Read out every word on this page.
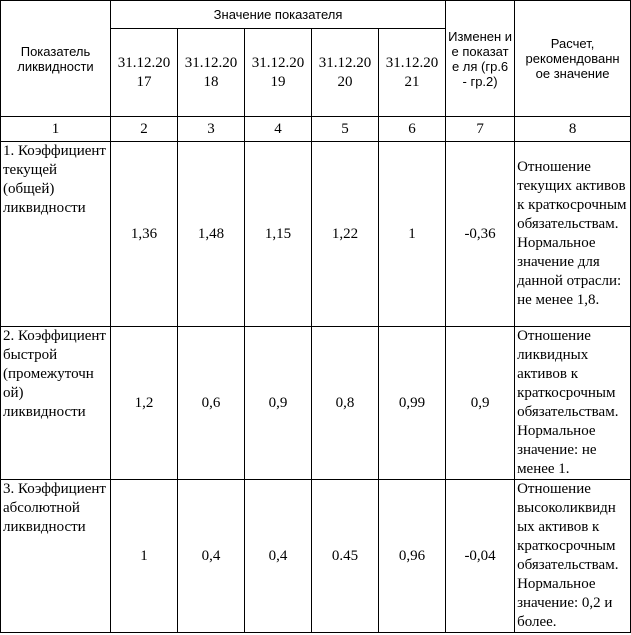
Показатель ликвидности	Значение показателя					Изменен ие показате ля (гр.6 - гр.2)	Расчет, рекомендованн ое значение
	31.12.20 17	31.12.20 18	31.12.20 19	31.12.20 20	31.12.20 21		
1	2	3	4	5	6	7	8
1. Коэффициент текущей (общей) ликвидности	1,36	1,48	1,15	1,22	1	-0,36	Отношение текущих активов к краткосрочным обязательствам. Нормальное значение для данной отрасли: не менее 1,8.
2. Коэффициент быстрой (промежуточн ой) ликвидности	1,2	0,6	0,9	0,8	0,99	0,9	Отношение ликвидных активов к краткосрочным обязательствам. Нормальное значение: не менее 1.
3. Коэффициент абсолютной ликвидности	1	0,4	0,4	0.45	0,96	-0,04	Отношение высоколиквидн ых активов к краткосрочным обязательствам. Нормальное значение: 0,2 и более.
